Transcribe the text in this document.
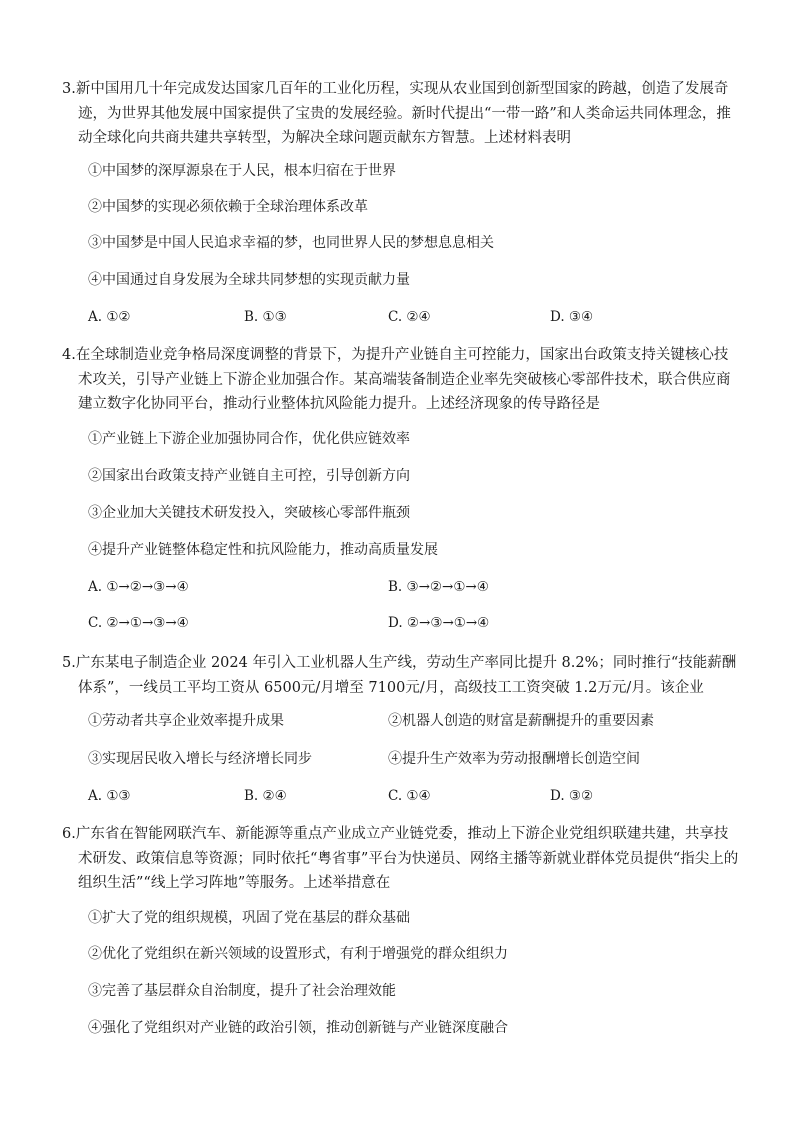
3.新中国用几十年完成发达国家几百年的工业化历程，实现从农业国到创新型国家的跨越，创造了发展奇迹，为世界其他发展中国家提供了宝贵的发展经验。新时代提出“一带一路”和人类命运共同体理念，推动全球化向共商共建共享转型，为解决全球问题贡献东方智慧。上述材料表明

①中国梦的深厚源泉在于人民，根本归宿在于世界
②中国梦的实现必须依赖于全球治理体系改革
③中国梦是中国人民追求幸福的梦，也同世界人民的梦想息息相关
④中国通过自身发展为全球共同梦想的实现贡献力量
A. ①②	B. ①③	C. ②④	D. ③④

4.在全球制造业竞争格局深度调整的背景下，为提升产业链自主可控能力，国家出台政策支持关键核心技术攻关，引导产业链上下游企业加强合作。某高端装备制造企业率先突破核心零部件技术，联合供应商建立数字化协同平台，推动行业整体抗风险能力提升。上述经济现象的传导路径是

①产业链上下游企业加强协同合作，优化供应链效率
②国家出台政策支持产业链自主可控，引导创新方向
③企业加大关键技术研发投入，突破核心零部件瓶颈
④提升产业链整体稳定性和抗风险能力，推动高质量发展
A. ①→②→③→④	B. ③→②→①→④
C. ②→①→③→④	D. ②→③→①→④

5.广东某电子制造企业 2024 年引入工业机器人生产线，劳动生产率同比提升 8.2%；同时推行“技能薪酬体系”，一线员工平均工资从 6500元/月增至 7100元/月，高级技工工资突破 1.2万元/月。该企业

①劳动者共享企业效率提升成果	②机器人创造的财富是薪酬提升的重要因素
③实现居民收入增长与经济增长同步	④提升生产效率为劳动报酬增长创造空间
A. ①③	B. ②④	C. ①④	D. ③②

6.广东省在智能网联汽车、新能源等重点产业成立产业链党委，推动上下游企业党组织联建共建，共享技术研发、政策信息等资源；同时依托“粤省事”平台为快递员、网络主播等新就业群体党员提供“指尖上的组织生活”“线上学习阵地”等服务。上述举措意在

①扩大了党的组织规模，巩固了党在基层的群众基础
②优化了党组织在新兴领域的设置形式，有利于增强党的群众组织力
③完善了基层群众自治制度，提升了社会治理效能
④强化了党组织对产业链的政治引领，推动创新链与产业链深度融合
